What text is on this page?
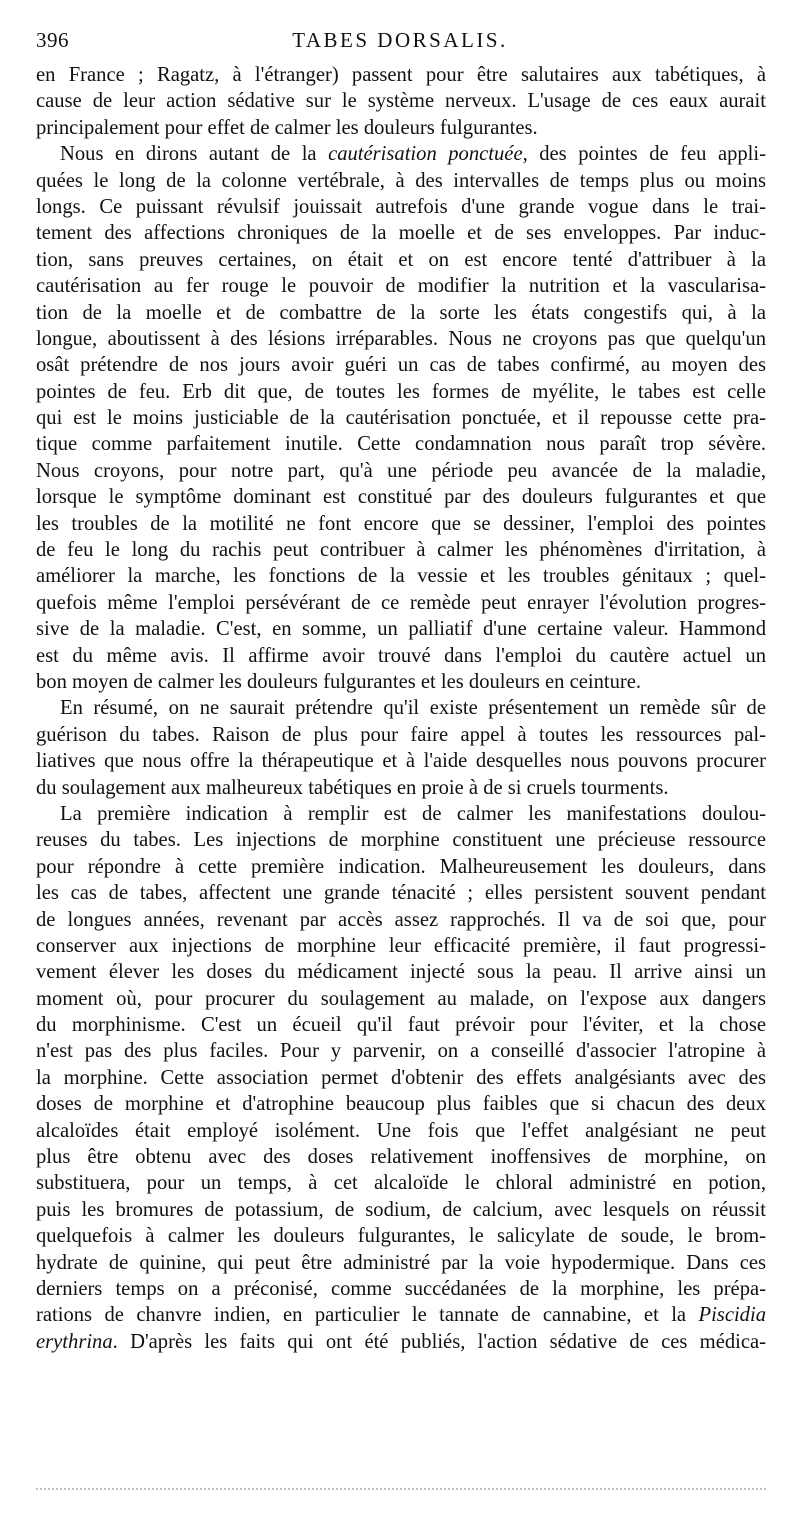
396	TABES DORSALIS.
en France ; Ragatz, à l'étranger) passent pour être salutaires aux tabétiques, à
cause de leur action sédative sur le système nerveux. L'usage de ces eaux aurait
principalement pour effet de calmer les douleurs fulgurantes.
Nous en dirons autant de la cautérisation ponctuée, des pointes de feu appli-
quées le long de la colonne vertébrale, à des intervalles de temps plus ou moins
longs. Ce puissant révulsif jouissait autrefois d'une grande vogue dans le trai-
tement des affections chroniques de la moelle et de ses enveloppes. Par induc-
tion, sans preuves certaines, on était et on est encore tenté d'attribuer à la
cautérisation au fer rouge le pouvoir de modifier la nutrition et la vascularisa-
tion de la moelle et de combattre de la sorte les états congestifs qui, à la
longue, aboutissent à des lésions irréparables. Nous ne croyons pas que quelqu'un
osât prétendre de nos jours avoir guéri un cas de tabes confirmé, au moyen des
pointes de feu. Erb dit que, de toutes les formes de myélite, le tabes est celle
qui est le moins justiciable de la cautérisation ponctuée, et il repousse cette pra-
tique comme parfaitement inutile. Cette condamnation nous paraît trop sévère.
Nous croyons, pour notre part, qu'à une période peu avancée de la maladie,
lorsque le symptôme dominant est constitué par des douleurs fulgurantes et que
les troubles de la motilité ne font encore que se dessiner, l'emploi des pointes
de feu le long du rachis peut contribuer à calmer les phénomènes d'irritation, à
améliorer la marche, les fonctions de la vessie et les troubles génitaux ; quel-
quefois même l'emploi persévérant de ce remède peut enrayer l'évolution progres-
sive de la maladie. C'est, en somme, un palliatif d'une certaine valeur. Hammond
est du même avis. Il affirme avoir trouvé dans l'emploi du cautère actuel un
bon moyen de calmer les douleurs fulgurantes et les douleurs en ceinture.
En résumé, on ne saurait prétendre qu'il existe présentement un remède sûr de
guérison du tabes. Raison de plus pour faire appel à toutes les ressources pal-
liatives que nous offre la thérapeutique et à l'aide desquelles nous pouvons procurer
du soulagement aux malheureux tabétiques en proie à de si cruels tourments.
La première indication à remplir est de calmer les manifestations doulou-
reuses du tabes. Les injections de morphine constituent une précieuse ressource
pour répondre à cette première indication. Malheureusement les douleurs, dans
les cas de tabes, affectent une grande ténacité ; elles persistent souvent pendant
de longues années, revenant par accès assez rapprochés. Il va de soi que, pour
conserver aux injections de morphine leur efficacité première, il faut progressi-
vement élever les doses du médicament injecté sous la peau. Il arrive ainsi un
moment où, pour procurer du soulagement au malade, on l'expose aux dangers
du morphinisme. C'est un écueil qu'il faut prévoir pour l'éviter, et la chose
n'est pas des plus faciles. Pour y parvenir, on a conseillé d'associer l'atropine à
la morphine. Cette association permet d'obtenir des effets analgésiants avec des
doses de morphine et d'atrophine beaucoup plus faibles que si chacun des deux
alcaloïdes était employé isolément. Une fois que l'effet analgésiant ne peut
plus être obtenu avec des doses relativement inoffensives de morphine, on
substituera, pour un temps, à cet alcaloïde le chloral administré en potion,
puis les bromures de potassium, de sodium, de calcium, avec lesquels on réussit
quelquefois à calmer les douleurs fulgurantes, le salicylate de soude, le brom-
hydrate de quinine, qui peut être administré par la voie hypodermique. Dans ces
derniers temps on a préconisé, comme succédanées de la morphine, les prépa-
rations de chanvre indien, en particulier le tannate de cannabine, et la Piscidia
erythrina. D'après les faits qui ont été publiés, l'action sédative de ces médica-
